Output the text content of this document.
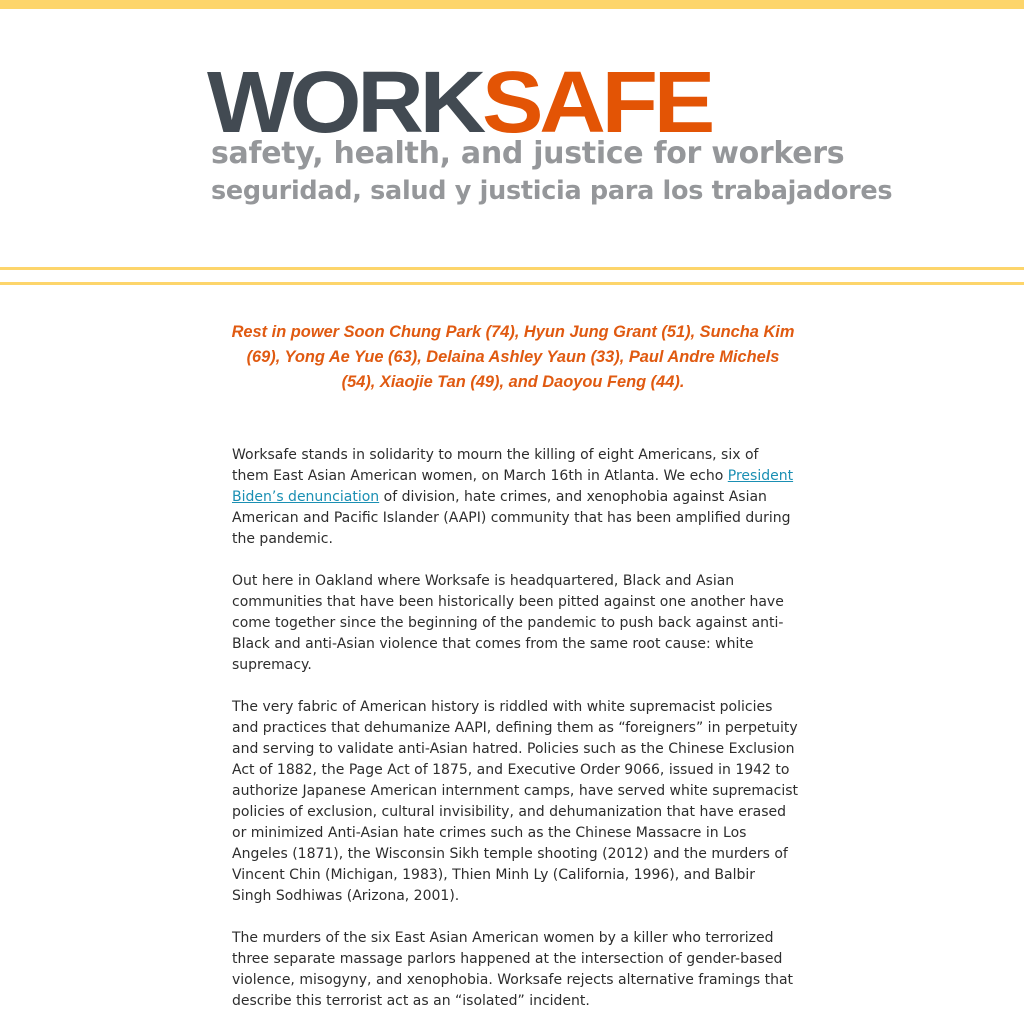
WORKSAFE
safety, health, and justice for workers
seguridad, salud y justicia para los trabajadores

Rest in power Soon Chung Park (74), Hyun Jung Grant (51), Suncha Kim (69), Yong Ae Yue (63), Delaina Ashley Yaun (33), Paul Andre Michels (54), Xiaojie Tan (49), and Daoyou Feng (44).

Worksafe stands in solidarity to mourn the killing of eight Americans, six of them East Asian American women, on March 16th in Atlanta. We echo President Biden’s denunciation of division, hate crimes, and xenophobia against Asian American and Pacific Islander (AAPI) community that has been amplified during the pandemic.

Out here in Oakland where Worksafe is headquartered, Black and Asian communities that have been historically been pitted against one another have come together since the beginning of the pandemic to push back against anti-Black and anti-Asian violence that comes from the same root cause: white supremacy.

The very fabric of American history is riddled with white supremacist policies and practices that dehumanize AAPI, defining them as “foreigners” in perpetuity and serving to validate anti-Asian hatred. Policies such as the Chinese Exclusion Act of 1882, the Page Act of 1875, and Executive Order 9066, issued in 1942 to authorize Japanese American internment camps, have served white supremacist policies of exclusion, cultural invisibility, and dehumanization that have erased or minimized Anti-Asian hate crimes such as the Chinese Massacre in Los Angeles (1871), the Wisconsin Sikh temple shooting (2012) and the murders of Vincent Chin (Michigan, 1983), Thien Minh Ly (California, 1996), and Balbir Singh Sodhiwas (Arizona, 2001).

The murders of the six East Asian American women by a killer who terrorized three separate massage parlors happened at the intersection of gender-based violence, misogyny, and xenophobia. Worksafe rejects alternative framings that describe this terrorist act as an “isolated” incident.
